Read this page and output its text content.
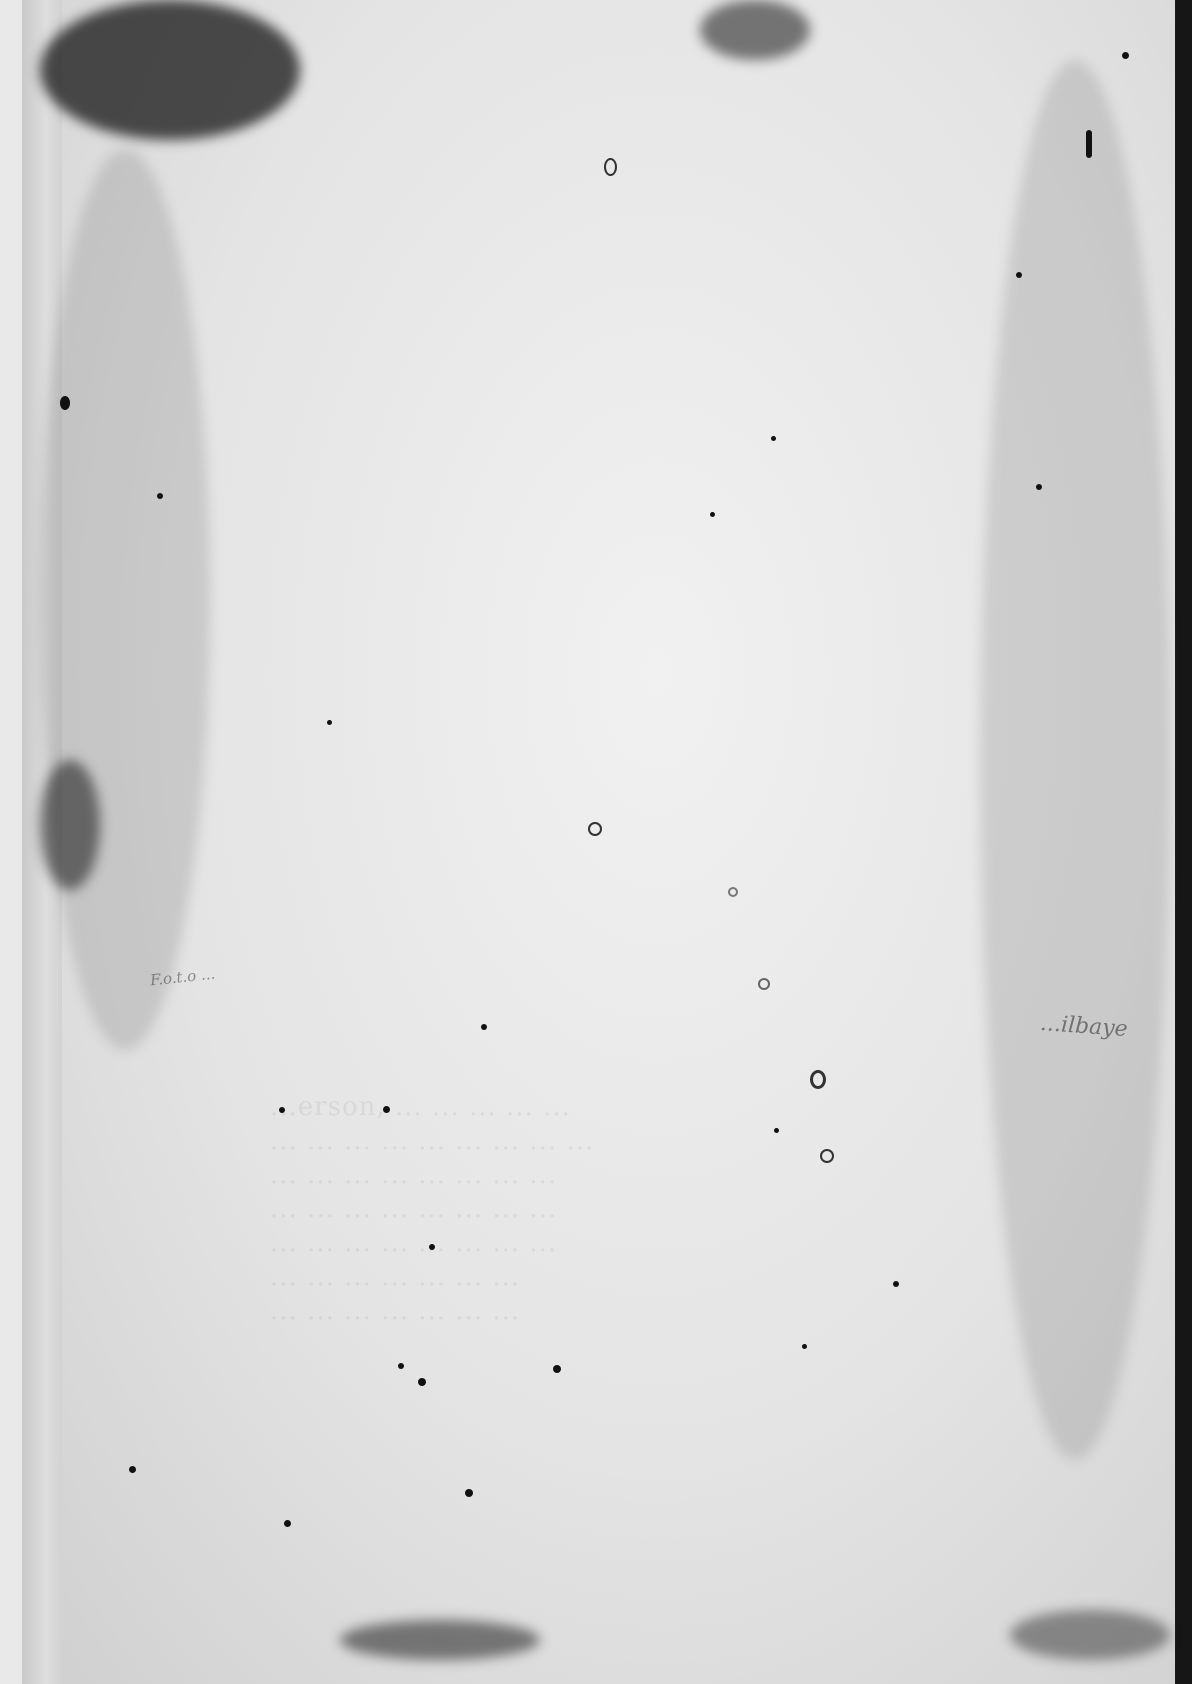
...erson, ... ... ... ... ...
... ... ... ... ... ... ... ... ...
... ... ... ... ... ... ... ...
... ... ... ... ... ... ... ...
... ... ... ... ... ... ... ...
... ... ... ... ... ... ...
... ... ... ... ... ... ...
F.o.t.o ...
...ilbaye
